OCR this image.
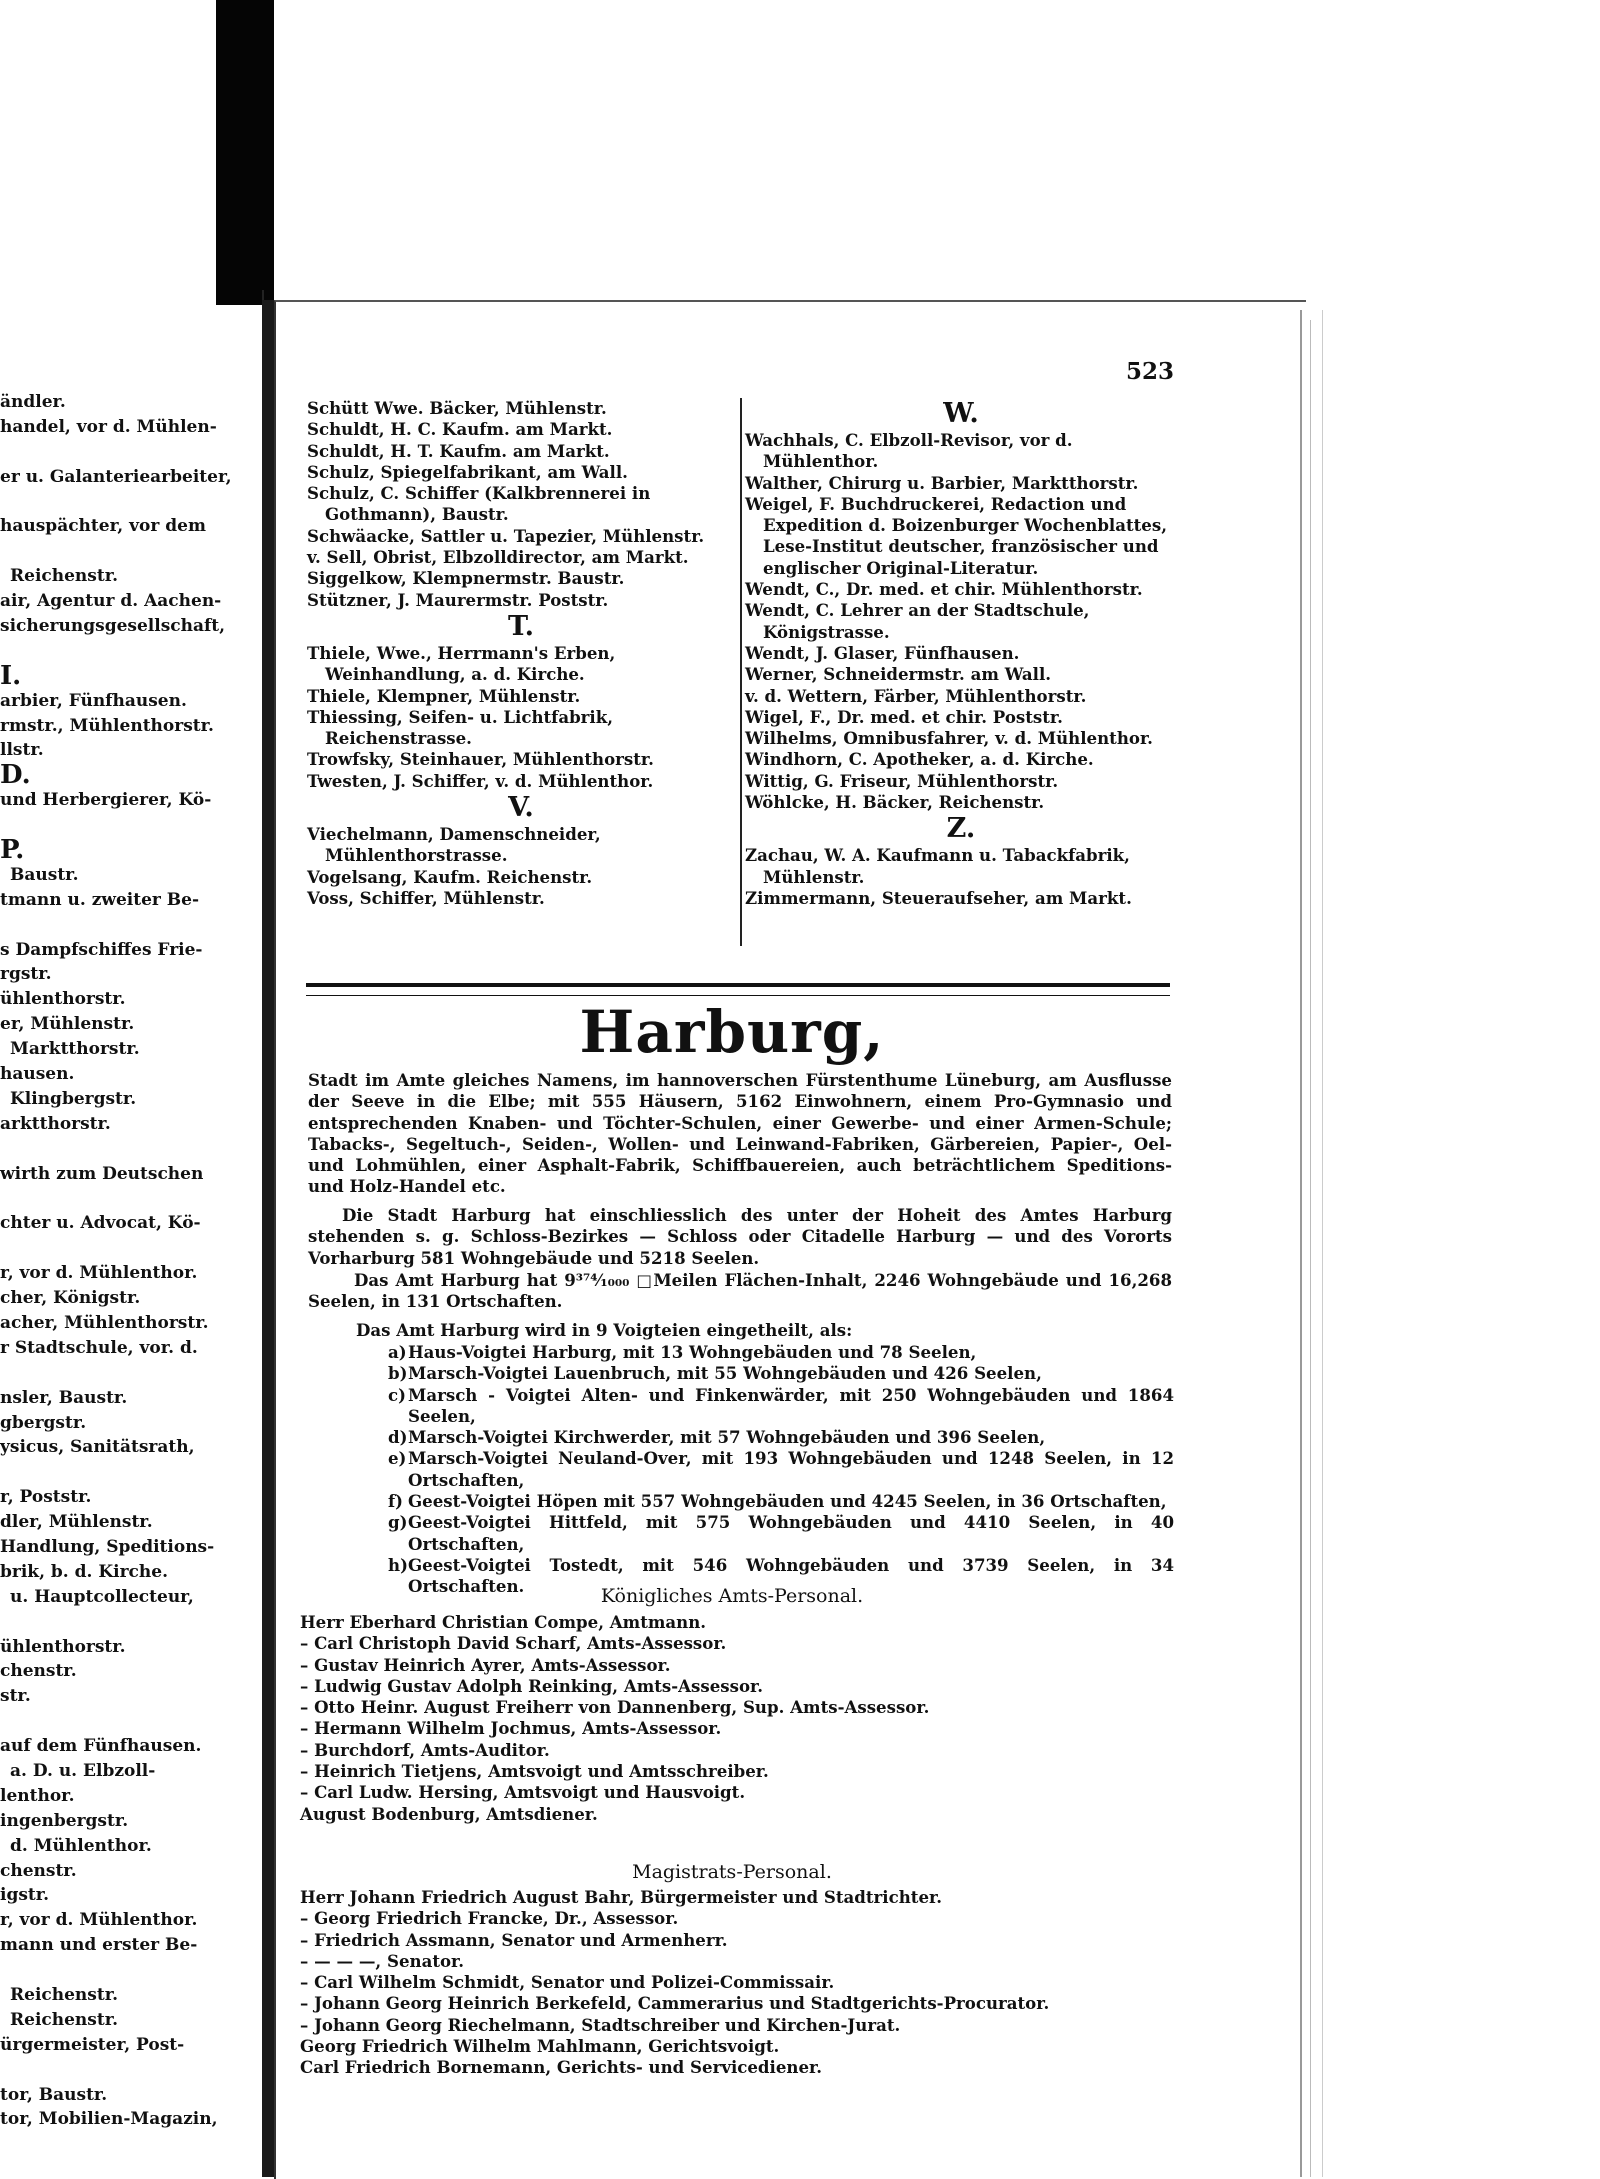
ändler.
handel, vor d. Mühlen-

er u. Galanteriearbeiter,

hauspächter, vor dem

Reichenstr.
air, Agentur d. Aachen-
sicherungsgesellschaft,

I.
arbier, Fünfhausen.
rmstr., Mühlenthorstr.
llstr.
D.
und Herbergierer, Kö-

P.
Baustr.
tmann u. zweiter Be-

s Dampfschiffes Frie-
rgstr.
ühlenthorstr.
er, Mühlenstr.
Marktthorstr.
hausen.
Klingbergstr.
arktthorstr.

wirth zum Deutschen

chter u. Advocat, Kö-

r, vor d. Mühlenthor.
cher, Königstr.
acher, Mühlenthorstr.
r Stadtschule, vor. d.

nsler, Baustr.
gbergstr.
ysicus, Sanitätsrath,

r, Poststr.
dler, Mühlenstr.
Handlung, Speditions-
brik, b. d. Kirche.
u. Hauptcollecteur,

ühlenthorstr.
chenstr.
str.

auf dem Fünfhausen.
a. D. u. Elbzoll-
lenthor.
ingenbergstr.
d. Mühlenthor.
chenstr.
igstr.
r, vor d. Mühlenthor.
mann und erster Be-

Reichenstr.
Reichenstr.
ürgermeister, Post-

tor, Baustr.
tor, Mobilien-Magazin,

523
Schütt Wwe. Bäcker, Mühlenstr.
Schuldt, H. C. Kaufm. am Markt.
Schuldt, H. T. Kaufm. am Markt.
Schulz, Spiegelfabrikant, am Wall.
Schulz, C. Schiffer (Kalkbrennerei in Gothmann), Baustr.
Schwäacke, Sattler u. Tapezier, Mühlenstr.
v. Sell, Obrist, Elbzolldirector, am Markt.
Siggelkow, Klempnermstr. Baustr.
Stützner, J. Maurermstr. Poststr.
T.
Thiele, Wwe., Herrmann's Erben, Weinhandlung, a. d. Kirche.
Thiele, Klempner, Mühlenstr.
Thiessing, Seifen- u. Lichtfabrik, Reichenstrasse.
Trowfsky, Steinhauer, Mühlenthorstr.
Twesten, J. Schiffer, v. d. Mühlenthor.
V.
Viechelmann, Damenschneider, Mühlenthorstrasse.
Vogelsang, Kaufm. Reichenstr.
Voss, Schiffer, Mühlenstr.
W.
Wachhals, C. Elbzoll-Revisor, vor d. Mühlenthor.
Walther, Chirurg u. Barbier, Marktthorstr.
Weigel, F. Buchdruckerei, Redaction und Expedition d. Boizenburger Wochenblattes, Lese-Institut deutscher, französischer und englischer Original-Literatur.
Wendt, C., Dr. med. et chir. Mühlenthorstr.
Wendt, C. Lehrer an der Stadtschule, Königstrasse.
Wendt, J. Glaser, Fünfhausen.
Werner, Schneidermstr. am Wall.
v. d. Wettern, Färber, Mühlenthorstr.
Wigel, F., Dr. med. et chir. Poststr.
Wilhelms, Omnibusfahrer, v. d. Mühlenthor.
Windhorn, C. Apotheker, a. d. Kirche.
Wittig, G. Friseur, Mühlenthorstr.
Wöhlcke, H. Bäcker, Reichenstr.
Z.
Zachau, W. A. Kaufmann u. Tabackfabrik, Mühlenstr.
Zimmermann, Steueraufseher, am Markt.
Harburg,
Stadt im Amte gleiches Namens, im hannoverschen Fürstenthume Lüneburg, am Ausflusse der Seeve in die Elbe; mit 555 Häusern, 5162 Einwohnern, einem Pro-Gymnasio und entsprechenden Knaben- und Töchter-Schulen, einer Gewerbe- und einer Armen-Schule; Tabacks-, Segeltuch-, Seiden-, Wollen- und Leinwand-Fabriken, Gärbereien, Papier-, Oel- und Lohmühlen, einer Asphalt-Fabrik, Schiffbauereien, auch beträchtlichem Speditions- und Holz-Handel etc.
Die Stadt Harburg hat einschliesslich des unter der Hoheit des Amtes Harburg stehenden s. g. Schloss-Bezirkes — Schloss oder Citadelle Harburg — und des Vororts Vorharburg 581 Wohngebäude und 5218 Seelen.
Das Amt Harburg hat 9³⁷⁴⁄₁₀₀₀ □Meilen Flächen-Inhalt, 2246 Wohngebäude und 16,268 Seelen, in 131 Ortschaften.
Das Amt Harburg wird in 9 Voigteien eingetheilt, als:
a) Haus-Voigtei Harburg, mit 13 Wohngebäuden und 78 Seelen,
b) Marsch-Voigtei Lauenbruch, mit 55 Wohngebäuden und 426 Seelen,
c) Marsch - Voigtei Alten- und Finkenwärder, mit 250 Wohngebäuden und 1864 Seelen,
d) Marsch-Voigtei Kirchwerder, mit 57 Wohngebäuden und 396 Seelen,
e) Marsch-Voigtei Neuland-Over, mit 193 Wohngebäuden und 1248 Seelen, in 12 Ortschaften,
f) Geest-Voigtei Höpen mit 557 Wohngebäuden und 4245 Seelen, in 36 Ortschaften,
g) Geest-Voigtei Hittfeld, mit 575 Wohngebäuden und 4410 Seelen, in 40 Ortschaften,
h) Geest-Voigtei Tostedt, mit 546 Wohngebäuden und 3739 Seelen, in 34 Ortschaften.	Königliches Amts-Personal.
Herr Eberhard Christian Compe, Amtmann.
– Carl Christoph David Scharf, Amts-Assessor.
– Gustav Heinrich Ayrer, Amts-Assessor.
– Ludwig Gustav Adolph Reinking, Amts-Assessor.
– Otto Heinr. August Freiherr von Dannenberg, Sup. Amts-Assessor.
– Hermann Wilhelm Jochmus, Amts-Assessor.
– Burchdorf, Amts-Auditor.
– Heinrich Tietjens, Amtsvoigt und Amtsschreiber.
– Carl Ludw. Hersing, Amtsvoigt und Hausvoigt.
August Bodenburg, Amtsdiener.
Magistrats-Personal.
Herr Johann Friedrich August Bahr, Bürgermeister und Stadtrichter.
– Georg Friedrich Francke, Dr., Assessor.
– Friedrich Assmann, Senator und Armenherr.
– — — —, Senator.
– Carl Wilhelm Schmidt, Senator und Polizei-Commissair.
– Johann Georg Heinrich Berkefeld, Cammerarius und Stadtgerichts-Procurator.
– Johann Georg Riechelmann, Stadtschreiber und Kirchen-Jurat.
Georg Friedrich Wilhelm Mahlmann, Gerichtsvoigt.
Carl Friedrich Bornemann, Gerichts- und Servicediener.
